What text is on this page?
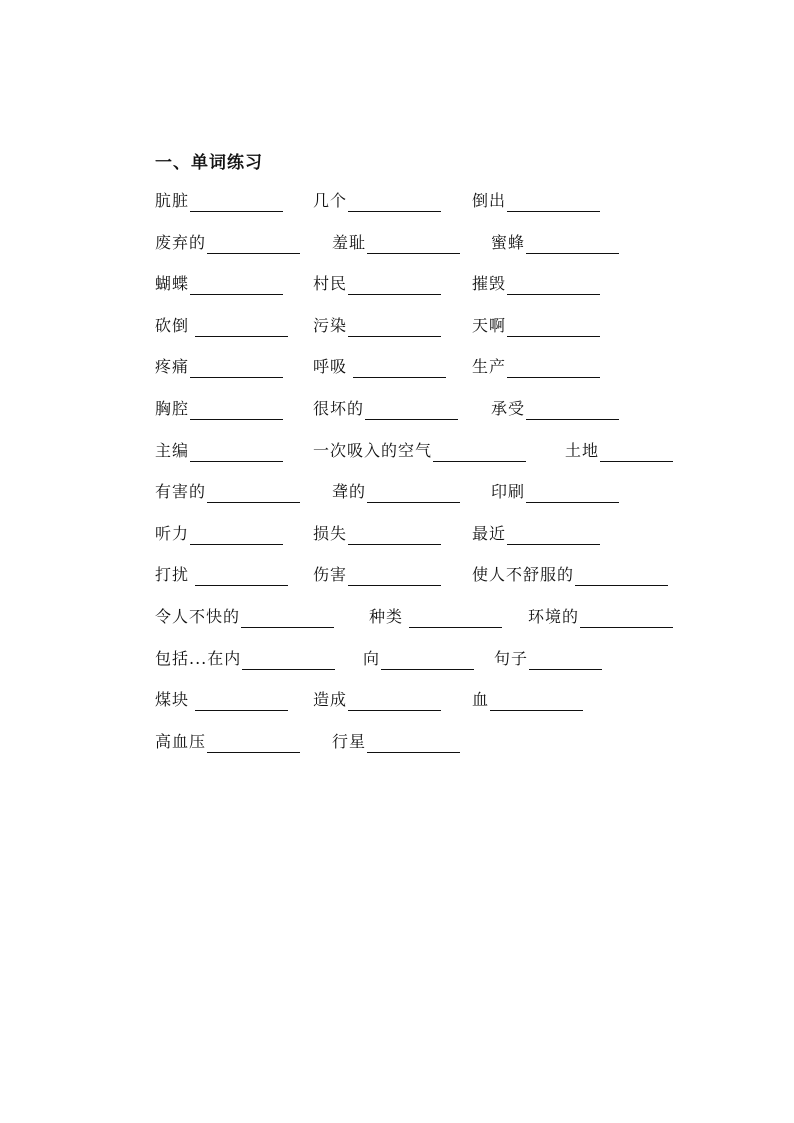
一、单词练习
肮脏	几个	倒出
废弃的	羞耻	蜜蜂
蝴蝶	村民	摧毁
砍倒	污染	天啊
疼痛	呼吸	生产
胸腔	很坏的	承受
主编	一次吸入的空气	土地
有害的	聋的	印刷
听力	损失	最近
打扰	伤害	使人不舒服的
令人不快的	种类	环境的
包括...在内	向	句子
煤块	造成	血
高血压	行星
